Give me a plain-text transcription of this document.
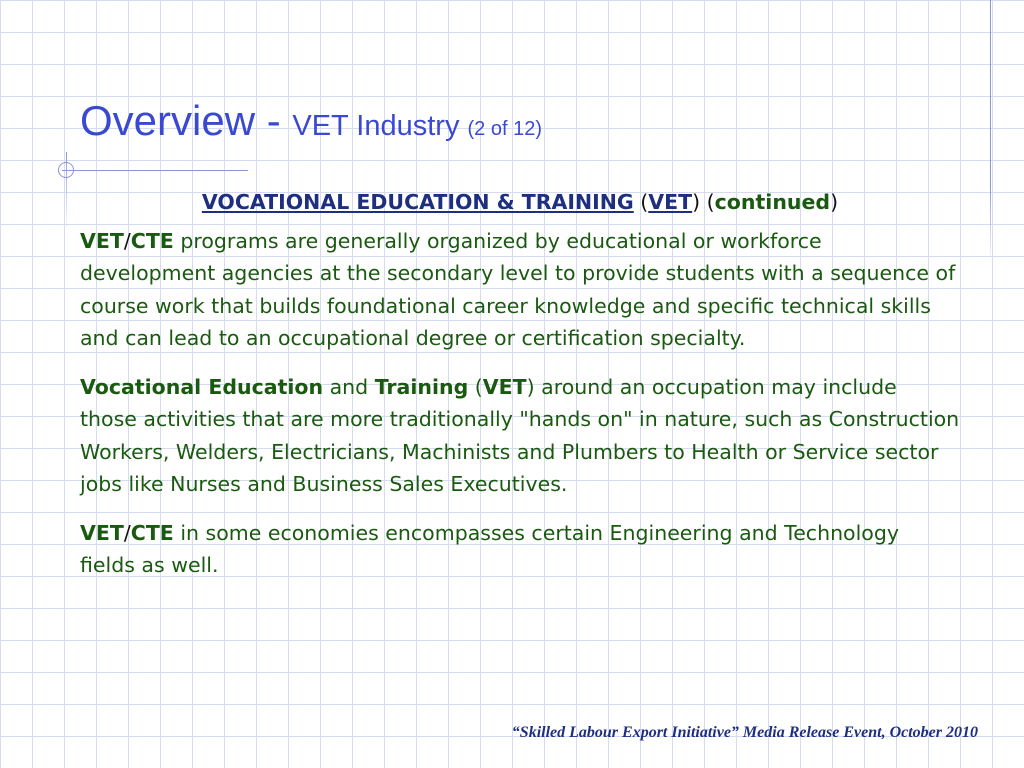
Overview - VET Industry (2 of 12)

VOCATIONAL EDUCATION & TRAINING (VET) (continued)

VET/CTE programs are generally organized by educational or workforce development agencies at the secondary level to provide students with a sequence of course work that builds foundational career knowledge and specific technical skills and can lead to an occupational degree or certification specialty.

Vocational Education and Training (VET) around an occupation may include those activities that are more traditionally "hands on" in nature, such as Construction Workers, Welders, Electricians, Machinists and Plumbers to Health or Service sector jobs like Nurses and Business Sales Executives.

VET/CTE in some economies encompasses certain Engineering and Technology fields as well.

“Skilled Labour Export Initiative” Media Release Event, October 2010
